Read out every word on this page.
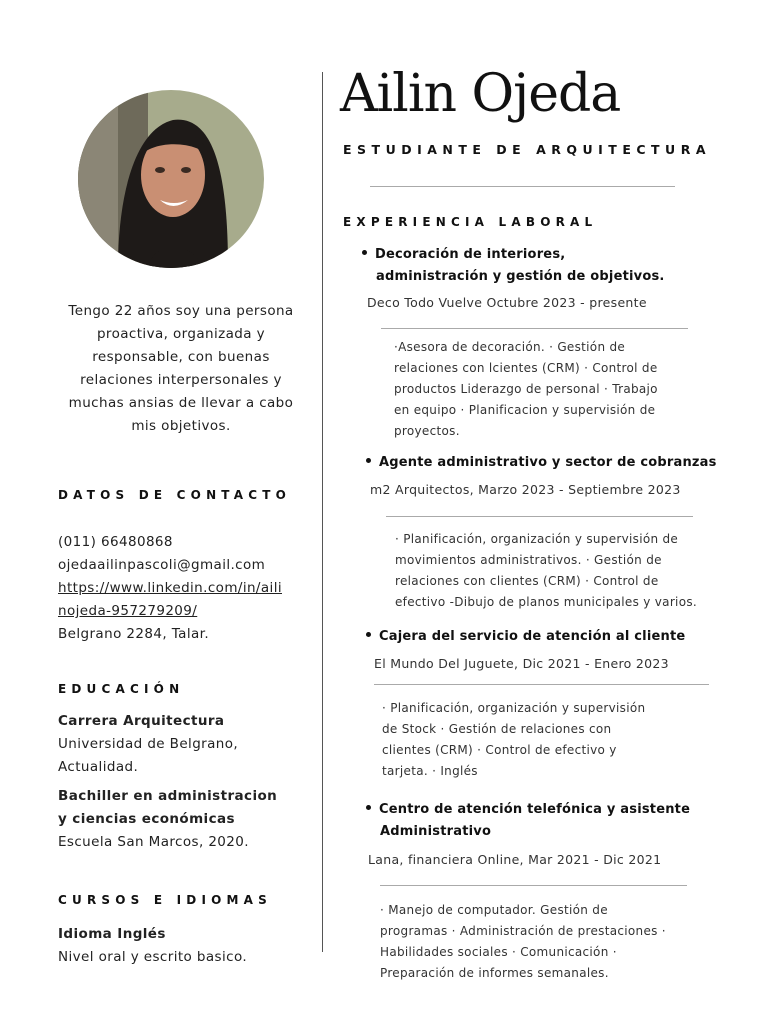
Tengo 22 años soy una persona proactiva, organizada y responsable, con buenas relaciones interpersonales y muchas ansias de llevar a cabo mis objetivos.
DATOS DE CONTACTO
(011) 66480868
ojedaailinpascoli@gmail.com
https://www.linkedin.com/in/aili
nojeda-957279209/
Belgrano 2284, Talar.
EDUCACIÓN
Carrera Arquitectura
Universidad de Belgrano,
Actualidad.
Bachiller en administracion
y ciencias económicas
Escuela San Marcos, 2020.
CURSOS E IDIOMAS
Idioma Inglés
Nivel oral y escrito basico.
Ailin Ojeda
ESTUDIANTE DE ARQUITECTURA
EXPERIENCIA LABORAL
Decoración de interiores,
administración y gestión de objetivos.
Deco Todo Vuelve Octubre 2023 - presente
·Asesora de decoración. · Gestión de
relaciones con lcientes (CRM) · Control de
productos Liderazgo de personal · Trabajo
en equipo · Planificacion y supervisión de
proyectos.
Agente administrativo y sector de cobranzas
m2 Arquitectos, Marzo 2023 - Septiembre 2023
· Planificación, organización y supervisión de
movimientos administrativos. · Gestión de
relaciones con clientes (CRM) · Control de
efectivo -Dibujo de planos municipales y varios.
Cajera del servicio de atención al cliente
El Mundo Del Juguete, Dic 2021 - Enero 2023
· Planificación, organización y supervisión
de Stock · Gestión de relaciones con
clientes (CRM) · Control de efectivo y
tarjeta. · Inglés
Centro de atención telefónica y asistente
Administrativo
Lana, financiera Online, Mar 2021 - Dic 2021
· Manejo de computador. Gestión de
programas · Administración de prestaciones ·
Habilidades sociales · Comunicación ·
Preparación de informes semanales.
